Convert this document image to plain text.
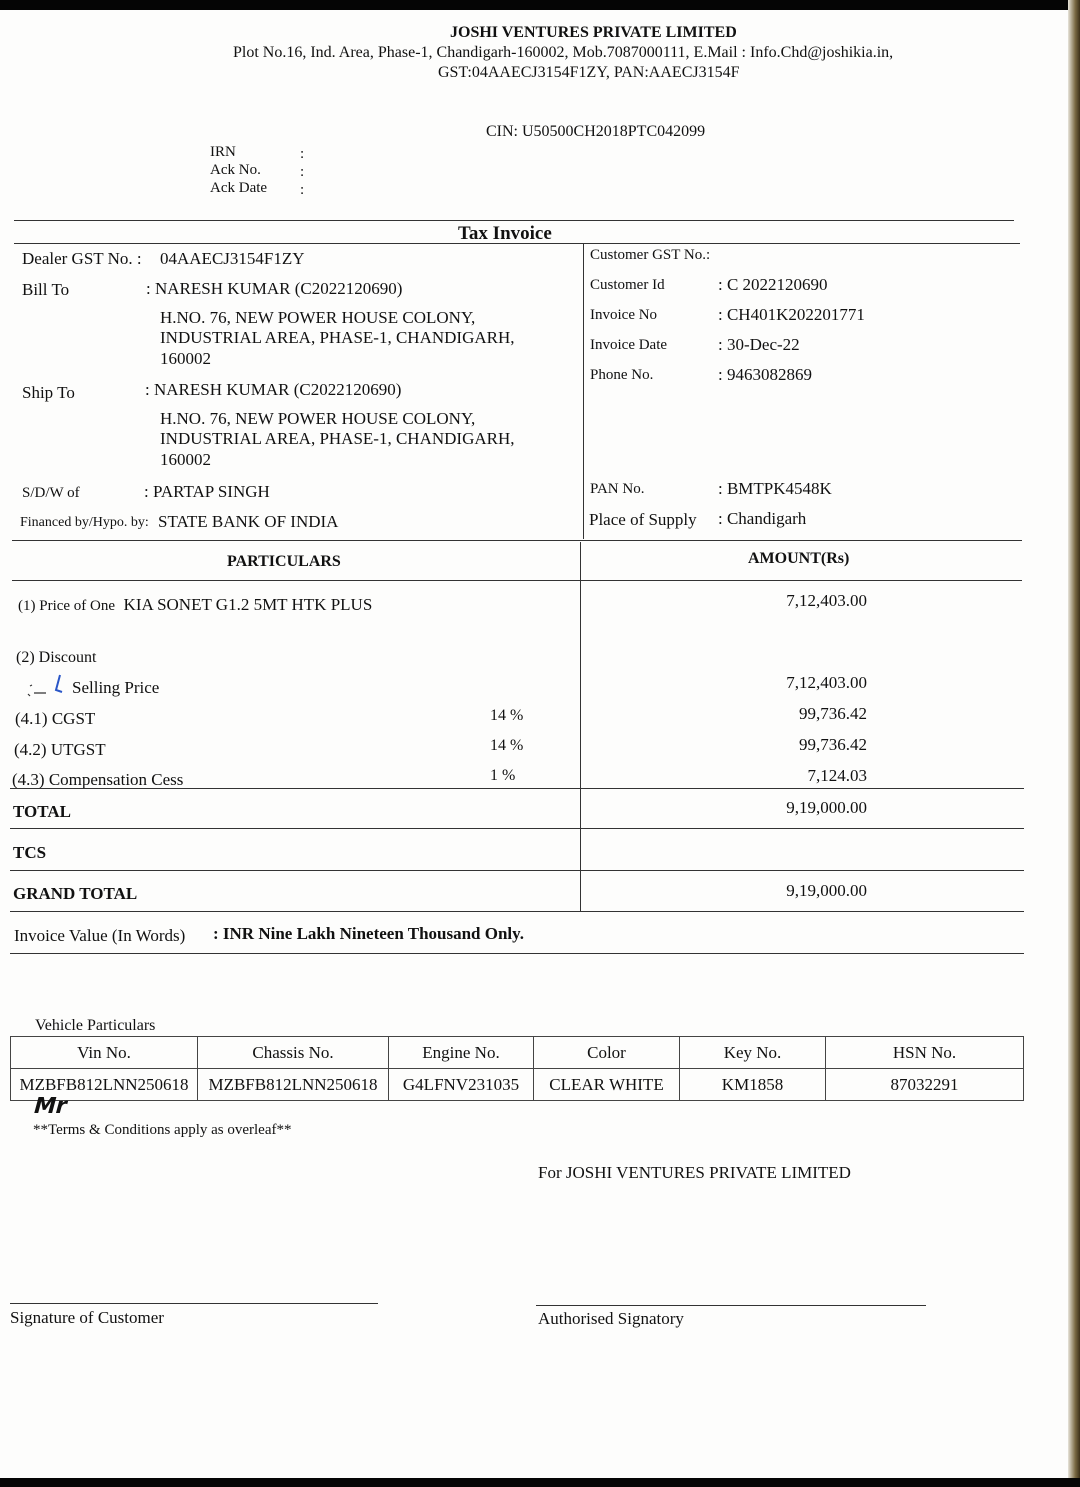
JOSHI VENTURES PRIVATE LIMITED
Plot No.16, Ind. Area, Phase-1, Chandigarh-160002, Mob.7087000111, E.Mail : Info.Chd@joshikia.in,
GST:04AAECJ3154F1ZY, PAN:AAECJ3154F
CIN: U50500CH2018PTC042099
IRN	:
Ack No.	:
Ack Date :
Tax Invoice
Dealer GST No. : 04AAECJ3154F1ZY
Bill To	: NARESH KUMAR (C2022120690)
H.NO. 76, NEW POWER HOUSE COLONY,
INDUSTRIAL AREA, PHASE-1, CHANDIGARH,
160002
Ship To	: NARESH KUMAR (C2022120690)
H.NO. 76, NEW POWER HOUSE COLONY,
INDUSTRIAL AREA, PHASE-1, CHANDIGARH,
160002
S/D/W of	: PARTAP SINGH
Financed by/Hypo. by: STATE BANK OF INDIA
Customer GST No.:
Customer Id	: C 2022120690
Invoice No	: CH401K202201771
Invoice Date	: 30-Dec-22
Phone No.	: 9463082869
PAN No.	: BMTPK4548K
Place of Supply : Chandigarh
PARTICULARS	AMOUNT(Rs)
(1) Price of One KIA SONET G1.2 5MT HTK PLUS	7,12,403.00
(2) Discount
Selling Price	7,12,403.00
(4.1) CGST	14 %	99,736.42
(4.2) UTGST	14 %	99,736.42
(4.3) Compensation Cess	1 %	7,124.03
TOTAL	9,19,000.00
TCS
GRAND TOTAL	9,19,000.00
Invoice Value (In Words) : INR Nine Lakh Nineteen Thousand Only.
Vehicle Particulars
Vin No.	Chassis No.	Engine No.	Color	Key No.	HSN No.
MZBFB812LNN250618	MZBFB812LNN250618	G4LFNV231035	CLEAR WHITE	KM1858	87032291
Mr
**Terms & Conditions apply as overleaf**
For JOSHI VENTURES PRIVATE LIMITED
Signature of Customer	Authorised Signatory
